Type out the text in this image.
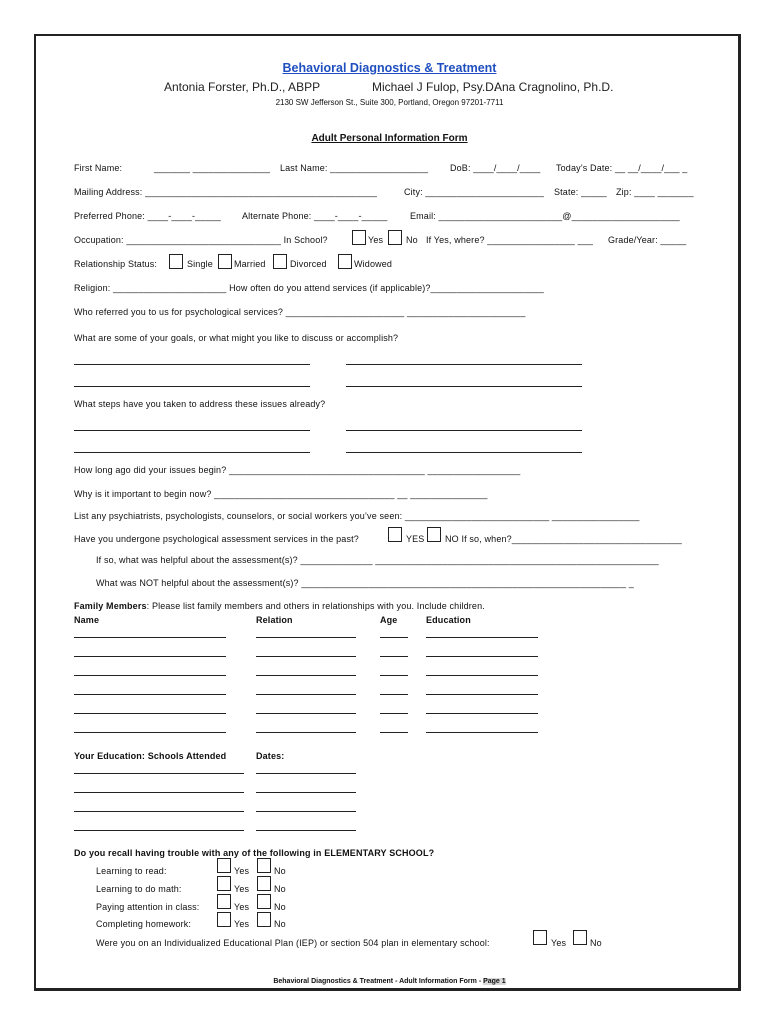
Behavioral Diagnostics & Treatment
Antonia Forster, Ph.D., ABPP	Michael J Fulop, Psy.D.
Ana Cragnolino, Ph.D.
2130 SW Jefferson St., Suite 300, Portland, Oregon 97201-7711
Adult Personal Information Form
First Name:	_______ _______________ Last Name: ___________________ DoB: ____/____/____ Today’s Date: __ __/____/___ _
Mailing Address: _____________________________________________	City: _______________________ State: _____ Zip: ____ _______
Preferred Phone: ____-____-_____ Alternate Phone: ____-____-_____	Email: ________________________@_____________________
Occupation: ______________________________ In School?	Yes	No If Yes, where? _________________ ___ Grade/Year: _____
Relationship Status:	Single Married	Divorced	Widowed
Religion: ______________________ How often do you attend services (if applicable)?______________________
Who referred you to us for psychological services? _______________________ _______________________
What are some of your goals, or what might you like to discuss or accomplish?
What steps have you taken to address these issues already?
How long ago did your issues begin? ______________________________________ __________________
Why is it important to begin now? ___________________________________ __ _______________
List any psychiatrists, psychologists, counselors, or social workers you’ve seen: ____________________________ _________________
Have you undergone psychological assessment services in the past?	YES NO If so, when?_________________________________
If so, what was helpful about the assessment(s)? ______________ _______________________________________________________
What was NOT helpful about the assessment(s)? _______________________________________________________________ _
Family Members: Please list family members and others in relationships with you. Include children.
Name	Relation	Age	Education
Your Education: Schools Attended	Dates:
Do you recall having trouble with any of the following in ELEMENTARY SCHOOL?
Learning to read:	Yes	No
Learning to do math:	Yes	No
Paying attention in class:	Yes	No
Completing homework:	Yes	No
Were you on an Individualized Educational Plan (IEP) or section 504 plan in elementary school:	Yes	No
Behavioral Diagnostics & Treatment - Adult Information Form - Page 1
